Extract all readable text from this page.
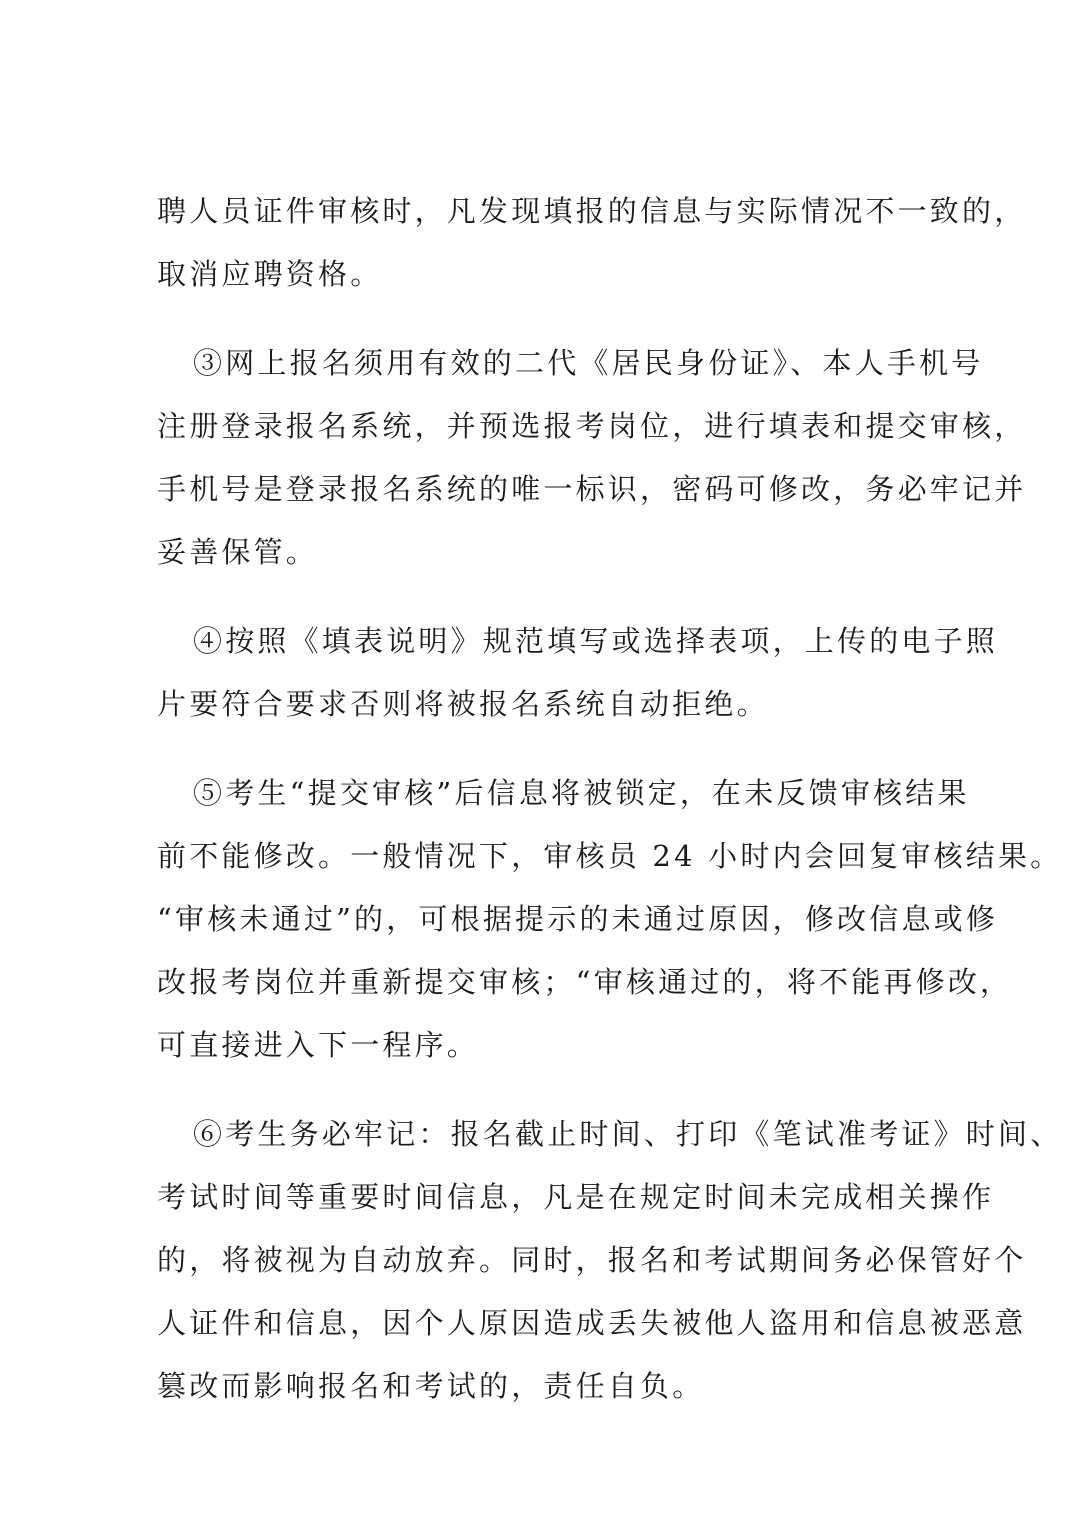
聘人员证件审核时，凡发现填报的信息与实际情况不一致的，
取消应聘资格。
③网上报名须用有效的二代《居民身份证》、本人手机号
注册登录报名系统，并预选报考岗位，进行填表和提交审核，
手机号是登录报名系统的唯一标识，密码可修改，务必牢记并
妥善保管。
④按照《填表说明》规范填写或选择表项，上传的电子照
片要符合要求否则将被报名系统自动拒绝。
⑤考生“提交审核”后信息将被锁定，在未反馈审核结果
前不能修改。一般情况下，审核员 24 小时内会回复审核结果。
“审核未通过”的，可根据提示的未通过原因，修改信息或修
改报考岗位并重新提交审核；“审核通过的，将不能再修改，
可直接进入下一程序。
⑥考生务必牢记：报名截止时间、打印《笔试准考证》时间、
考试时间等重要时间信息，凡是在规定时间未完成相关操作
的，将被视为自动放弃。同时，报名和考试期间务必保管好个
人证件和信息，因个人原因造成丢失被他人盗用和信息被恶意
篡改而影响报名和考试的，责任自负。
